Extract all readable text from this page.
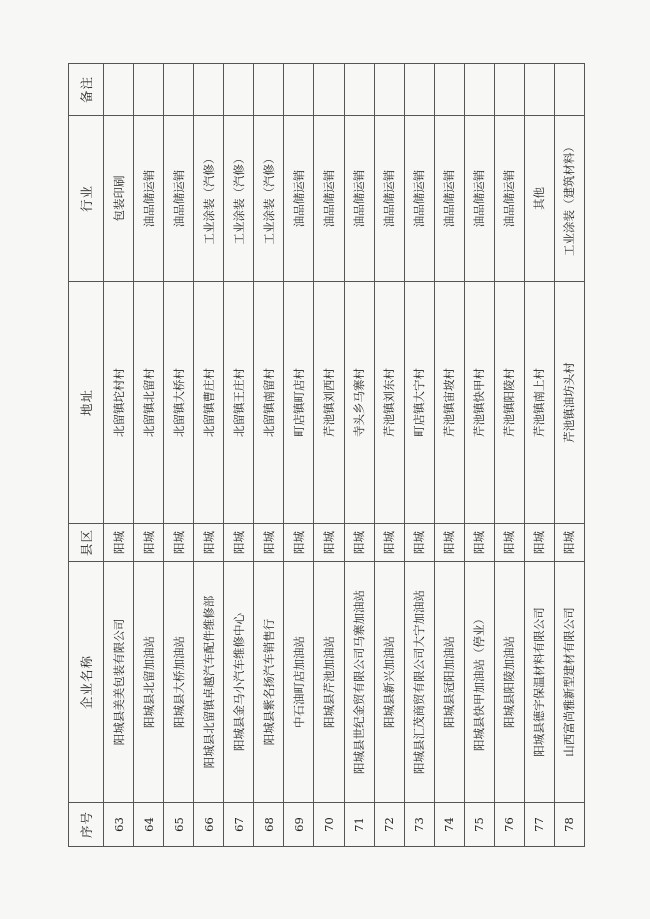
序号	企业名称	县区	地址	行业	备注
63	阳城县美美包装有限公司	阳城	北留镇坨村村	包装印刷	
64	阳城县北留加油站	阳城	北留镇北留村	油品储运销	
65	阳城县大桥加油站	阳城	北留镇大桥村	油品储运销	
66	阳城县北留镇卓越汽车配件维修部	阳城	北留镇曹庄村	工业涂装（汽修）	
67	阳城县金马小汽车维修中心	阳城	北留镇王庄村	工业涂装（汽修）	
68	阳城县紫名扬汽车销售行	阳城	北留镇南留村	工业涂装（汽修）	
69	中石油町店加油站	阳城	町店镇町店村	油品储运销	
70	阳城县芹池加油站	阳城	芹池镇刘西村	油品储运销	
71	阳城县世纪金贸有限公司马寨加油站	阳城	寺头乡马寨村	油品储运销	
72	阳城县新兴加油站	阳城	芹池镇刘东村	油品储运销	
73	阳城县汇茂商贸有限公司大宁加油站	阳城	町店镇大宁村	油品储运销	
74	阳城县冠阳加油站	阳城	芹池镇宙坡村	油品储运销	
75	阳城县快甲加油站（停业）	阳城	芹池镇快甲村	油品储运销	
76	阳城县阳陵加油站	阳城	芹池镇阳陵村	油品储运销	
77	阳城县德宇保温材料有限公司	阳城	芹池镇南上村	其他	
78	山西富尚雅新型建材有限公司	阳城	芹池镇油坊头村	工业涂装（建筑材料）	
